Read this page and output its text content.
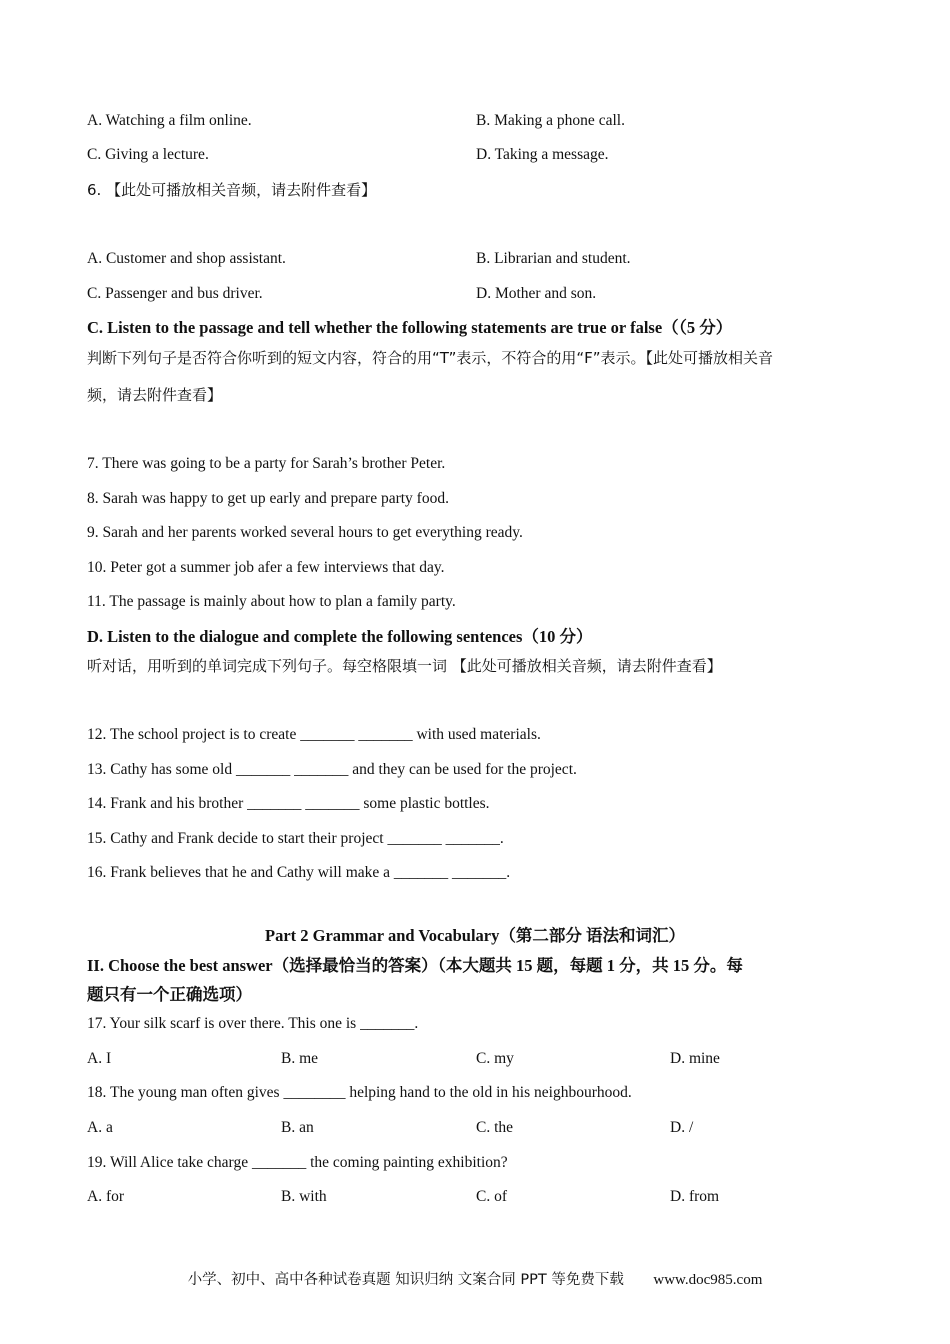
A. Watching a film online.	B. Making a phone call.
C. Giving a lecture.	D. Taking a message.
6. 【此处可播放相关音频，请去附件查看】
A. Customer and shop assistant.	B. Librarian and student.
C. Passenger and bus driver.	D. Mother and son.
C. Listen to the passage and tell whether the following statements are true or false（（5 分）
判断下列句子是否符合你听到的短文内容，符合的用“T”表示，不符合的用“F”表示。【此处可播放相关音
频，请去附件查看】
7. There was going to be a party for Sarah’s brother Peter.
8. Sarah was happy to get up early and prepare party food.
9. Sarah and her parents worked several hours to get everything ready.
10. Peter got a summer job afer a few interviews that day.
11. The passage is mainly about how to plan a family party.
D. Listen to the dialogue and complete the following sentences（10 分）
听对话，用听到的单词完成下列句子。每空格限填一词 【此处可播放相关音频，请去附件查看】
12. The school project is to create _______ _______ with used materials.
13. Cathy has some old _______ _______ and they can be used for the project.
14. Frank and his brother _______ _______ some plastic bottles.
15. Cathy and Frank decide to start their project _______ _______.
16. Frank believes that he and Cathy will make a _______ _______.
Part 2 Grammar and Vocabulary（第二部分 语法和词汇）
II. Choose the best answer（选择最恰当的答案）（本大题共 15 题，每题 1 分，共 15 分。每
题只有一个正确选项）
17. Your silk scarf is over there. This one is _______.
A. I	B. me	C. my	D. mine
18. The young man often gives ________ helping hand to the old in his neighbourhood.
A. a	B. an	C. the	D. /
19. Will Alice take charge _______ the coming painting exhibition?
A. for	B. with	C. of	D. from
小学、初中、高中各种试卷真题 知识归纳 文案合同 PPT 等免费下载 www.doc985.com
